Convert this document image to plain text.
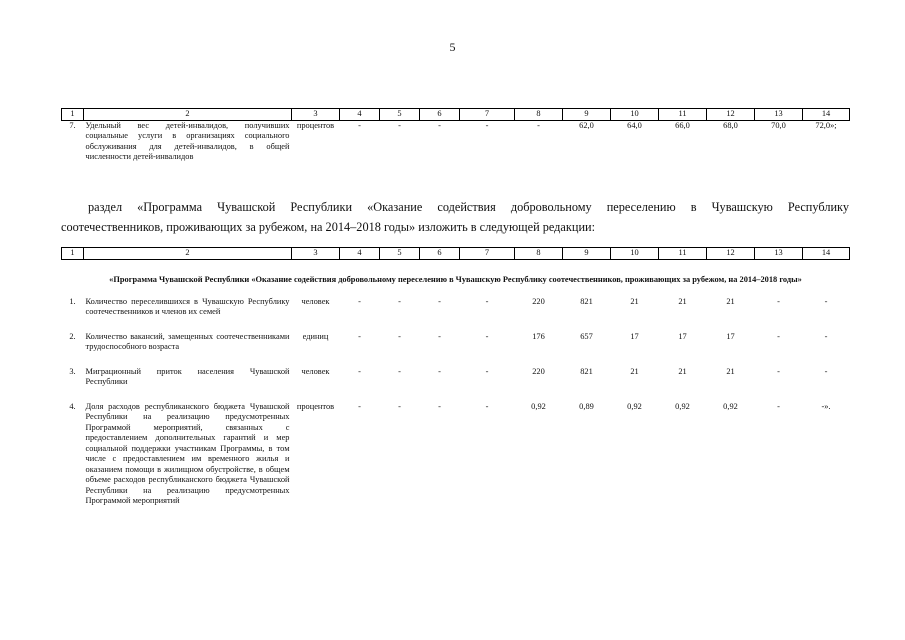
5
1	2	3	4	5	6	7	8	9	10	11	12	13	14
7.	Удельный вес детей-инвалидов, получивших социальные услуги в организациях социального обслуживания для детей-инвалидов, в общей численности детей-инвалидов	процентов	-	-	-	-	-	62,0	64,0	66,0	68,0	70,0	72,0»;
раздел «Программа Чувашской Республики «Оказание содействия добровольному переселению в Чувашскую Республику
соотечественников, проживающих за рубежом, на 2014–2018 годы» изложить в следующей редакции:
1	2	3	4	5	6	7	8	9	10	11	12	13	14
«Программа Чувашской Республики «Оказание содействия добровольному переселению в Чувашскую Республику соотечественников, проживающих за рубежом, на 2014–2018 годы»													
1.	Количество переселившихся в Чувашскую Республику соотечественников и членов их семей	человек	-	-	-	-	220	821	21	21	21	-	-

2.	Количество вакансий, замещенных соотечественниками трудоспособного возраста	единиц	-	-	-	-	176	657	17	17	17	-	-

3.	Миграционный приток населения Чувашской Республики	человек	-	-	-	-	220	821	21	21	21	-	-

4.	Доля расходов республиканского бюджета Чувашской Республики на реализацию предусмотренных Программой мероприятий, связанных с предоставлением дополнительных гарантий и мер социальной поддержки участникам Программы, в том числе с предоставлением им временного жилья и оказанием помощи в жилищном обустройстве, в общем объеме расходов республиканского бюджета Чувашской Республики на реализацию предусмотренных Программой мероприятий	процентов	-	-	-	-	0,92	0,89	0,92	0,92	0,92	-	-».
